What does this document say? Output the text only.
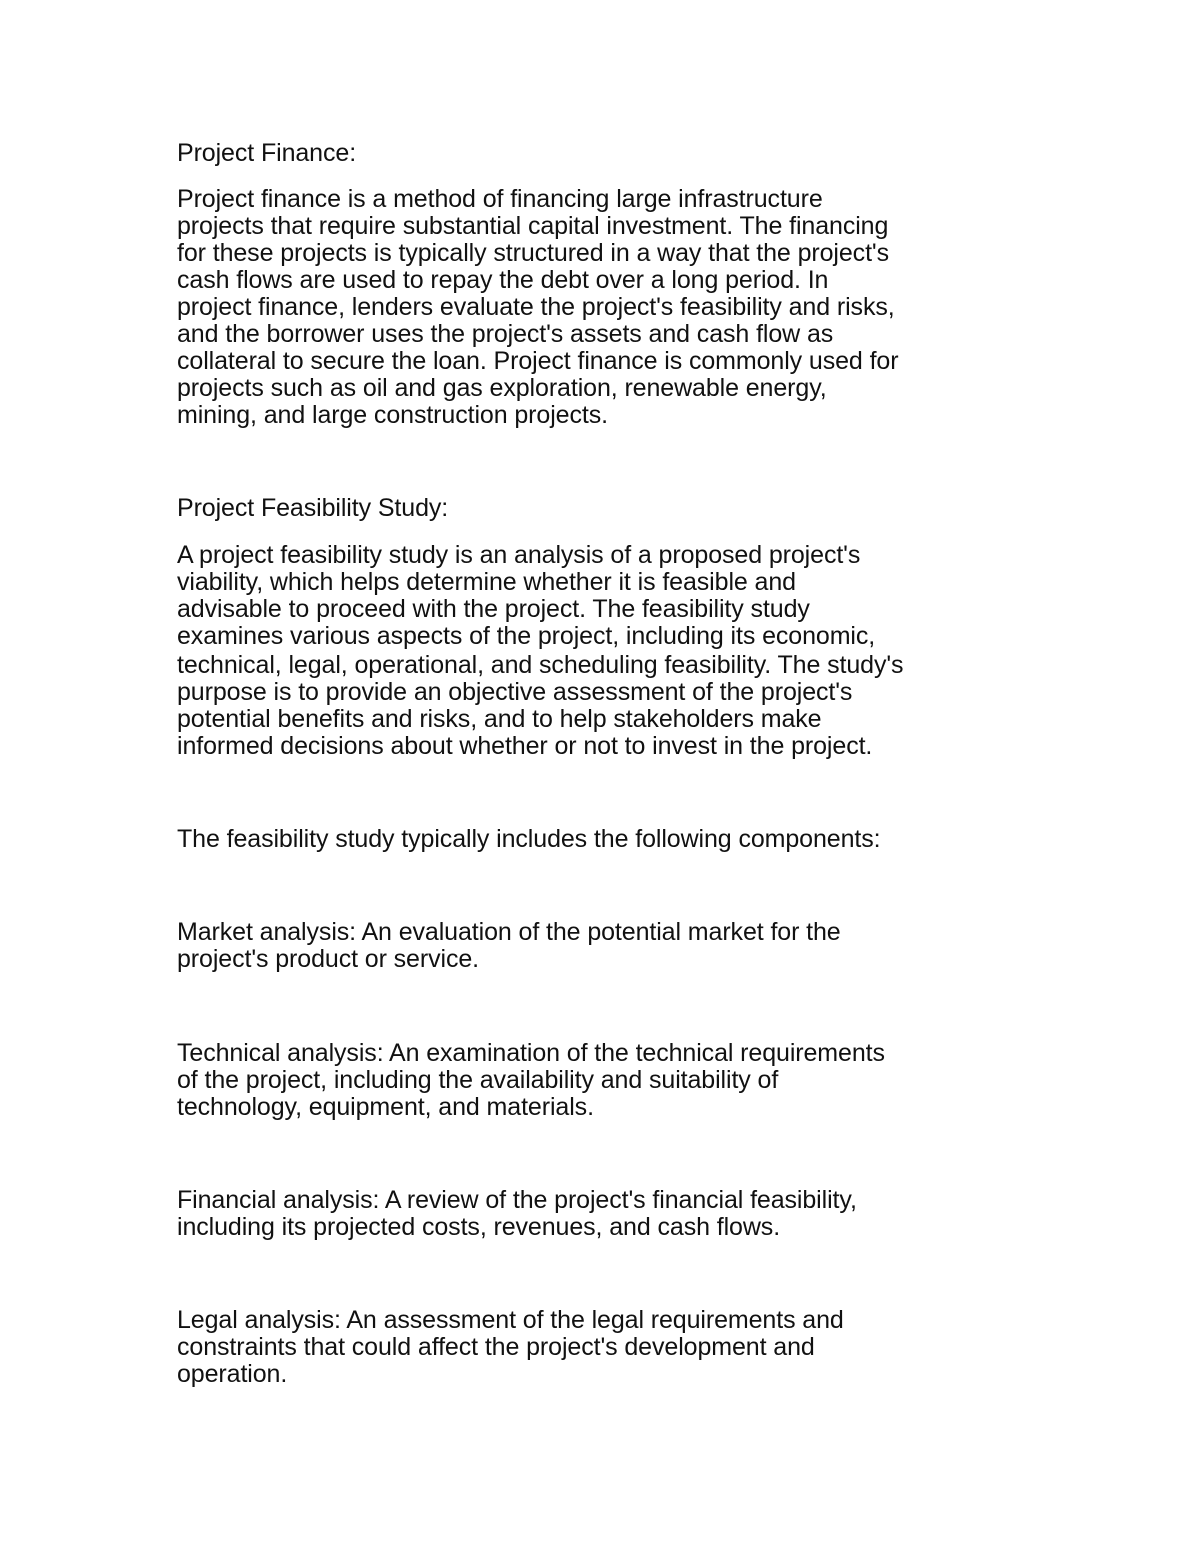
Project Finance:
Project finance is a method of financing large infrastructure
projects that require substantial capital investment. The financing
for these projects is typically structured in a way that the project's
cash flows are used to repay the debt over a long period. In
project finance, lenders evaluate the project's feasibility and risks,
and the borrower uses the project's assets and cash flow as
collateral to secure the loan. Project finance is commonly used for
projects such as oil and gas exploration, renewable energy,
mining, and large construction projects.
Project Feasibility Study:
A project feasibility study is an analysis of a proposed project's
viability, which helps determine whether it is feasible and
advisable to proceed with the project. The feasibility study
examines various aspects of the project, including its economic,
technical, legal, operational, and scheduling feasibility. The study's
purpose is to provide an objective assessment of the project's
potential benefits and risks, and to help stakeholders make
informed decisions about whether or not to invest in the project.
The feasibility study typically includes the following components:
Market analysis: An evaluation of the potential market for the
project's product or service.
Technical analysis: An examination of the technical requirements
of the project, including the availability and suitability of
technology, equipment, and materials.
Financial analysis: A review of the project's financial feasibility,
including its projected costs, revenues, and cash flows.
Legal analysis: An assessment of the legal requirements and
constraints that could affect the project's development and
operation.
